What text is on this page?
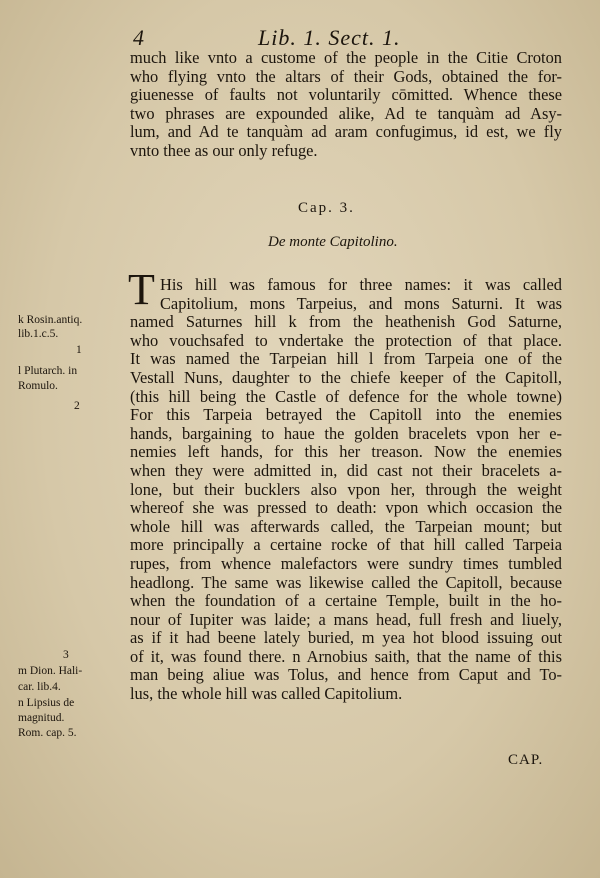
4	Lib. 1. Sect. 1.
much like vnto a custome of the people in the Citie Croton
who flying vnto the altars of their Gods, obtained the for-
giuenesse of faults not voluntarily cōmitted. Whence these
two phrases are expounded alike, Ad te tanquàm ad Asy-
lum, and Ad te tanquàm ad aram confugimus, id est, we fly
vnto thee as our only refuge.
Cap. 3.
De monte Capitolino.
T His hill was famous for three names: it was called
Capitolium, mons Tarpeius, and mons Saturni. It was
named Saturnes hill k from the heathenish God Saturne,
who vouchsafed to vndertake the protection of that place.
It was named the Tarpeian hill l from Tarpeia one of the
Vestall Nuns, daughter to the chiefe keeper of the Capitoll,
(this hill being the Castle of defence for the whole towne)
For this Tarpeia betrayed the Capitoll into the enemies
hands, bargaining to haue the golden bracelets vpon her e-
nemies left hands, for this her treason. Now the enemies
when they were admitted in, did cast not their bracelets a-
lone, but their bucklers also vpon her, through the weight
whereof she was pressed to death: vpon which occasion the
whole hill was afterwards called, the Tarpeian mount; but
more principally a certaine rocke of that hill called Tarpeia
rupes, from whence malefactors were sundry times tumbled
headlong. The same was likewise called the Capitoll, because
when the foundation of a certaine Temple, built in the ho-
nour of Iupiter was laide; a mans head, full fresh and liuely,
as if it had beene lately buried, m yea hot blood issuing out
of it, was found there. n Arnobius saith, that the name of this
man being aliue was Tolus, and hence from Caput and To-
lus, the whole hill was called Capitolium.
k Rosin.antiq.
lib.1.c.5.
1
l Plutarch. in
Romulo.
2
3
m Dion. Hali-
car. lib.4.
n Lipsius de
magnitud.
Rom. cap. 5.
CAP.
